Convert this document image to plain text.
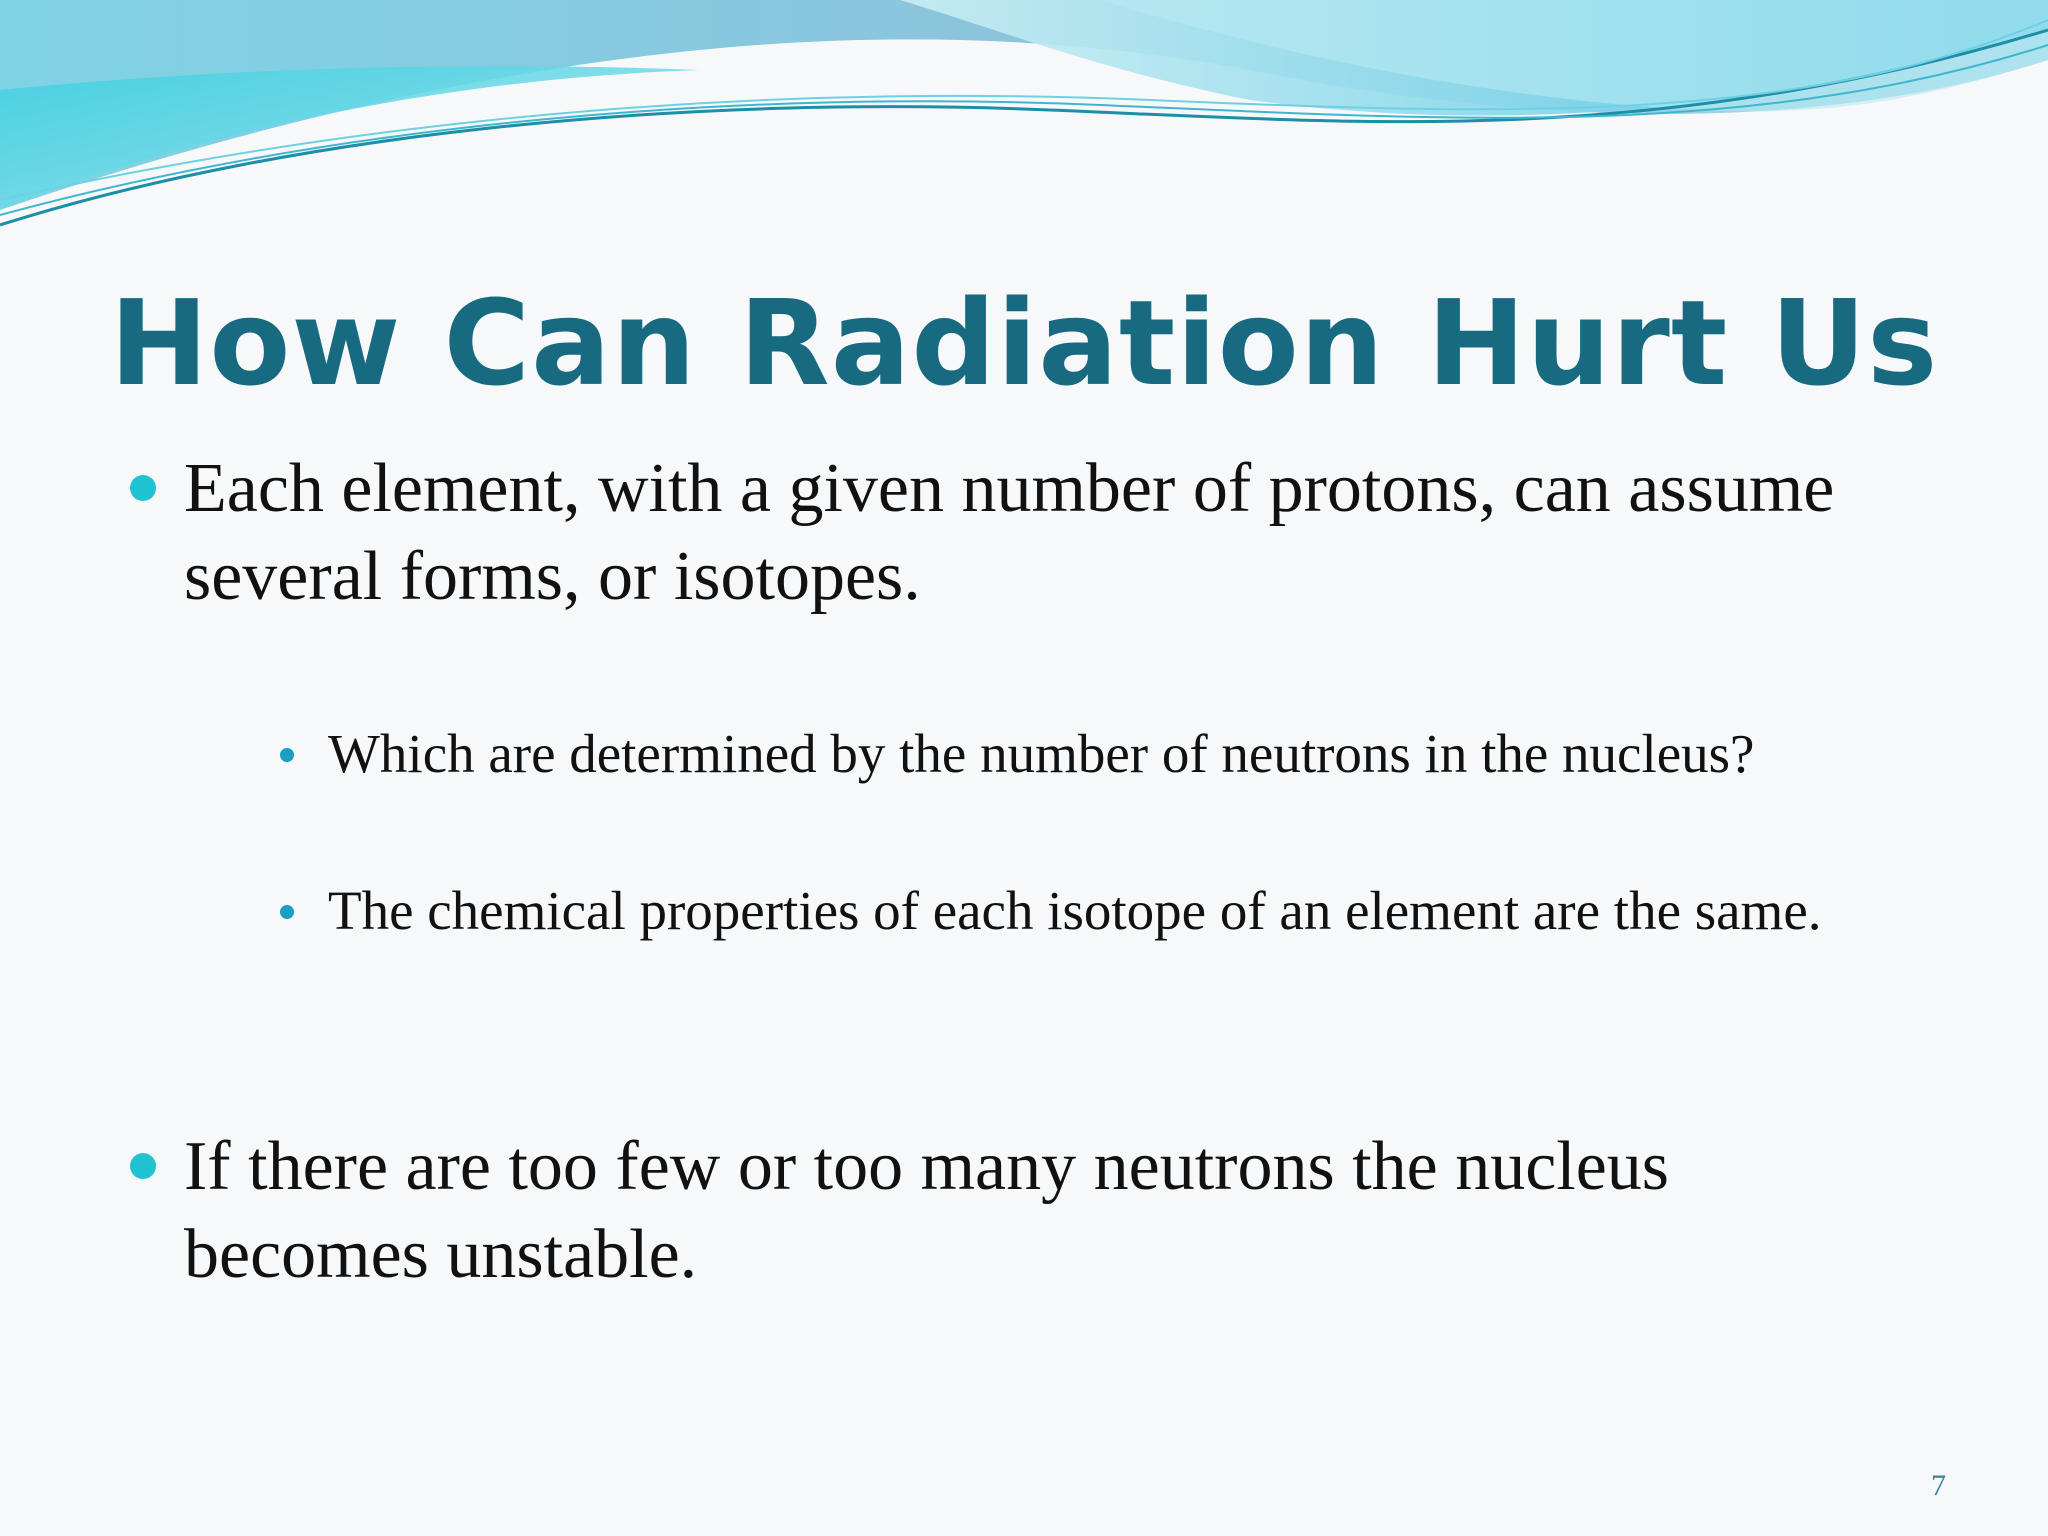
How Can Radiation Hurt Us
Each element, with a given number of protons, can assume several forms, or isotopes.
Which are determined by the number of neutrons in the nucleus?
The chemical properties of each isotope of an element are the same.
If there are too few or too many neutrons the nucleus becomes unstable.
7
